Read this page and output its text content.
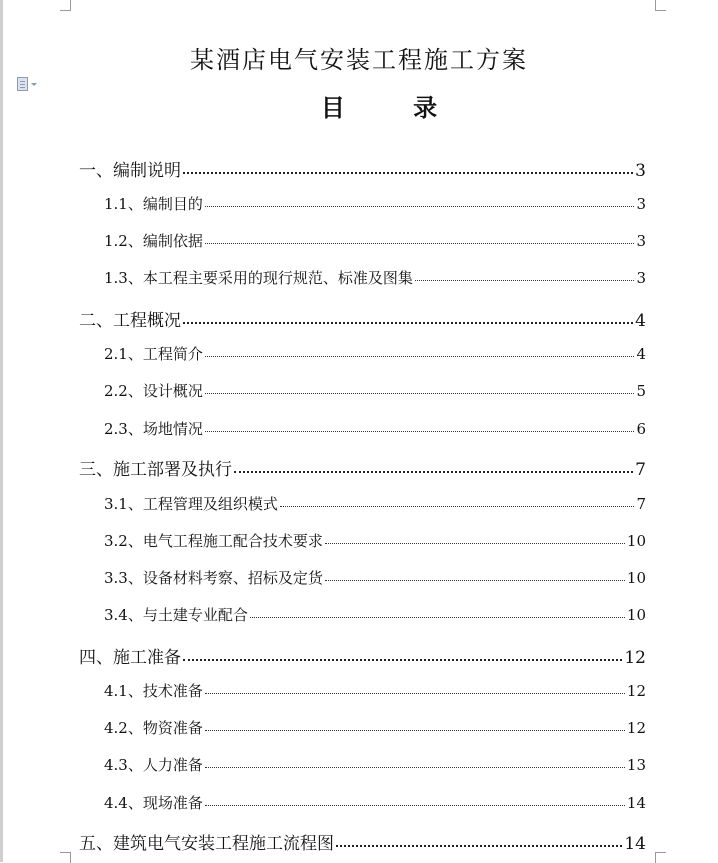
某酒店电气安装工程施工方案
目 录
一、编制说明	3
1.1、编制目的	3
1.2、编制依据	3
1.3、本工程主要采用的现行规范、标准及图集	3
二、工程概况	4
2.1、工程简介	4
2.2、设计概况	5
2.3、场地情况	6
三、施工部署及执行	7
3.1、工程管理及组织模式	7
3.2、电气工程施工配合技术要求	10
3.3、设备材料考察、招标及定货	10
3.4、与土建专业配合	10
四、施工准备	12
4.1、技术准备	12
4.2、物资准备	12
4.3、人力准备	13
4.4、现场准备	14
五、建筑电气安装工程施工流程图	14
